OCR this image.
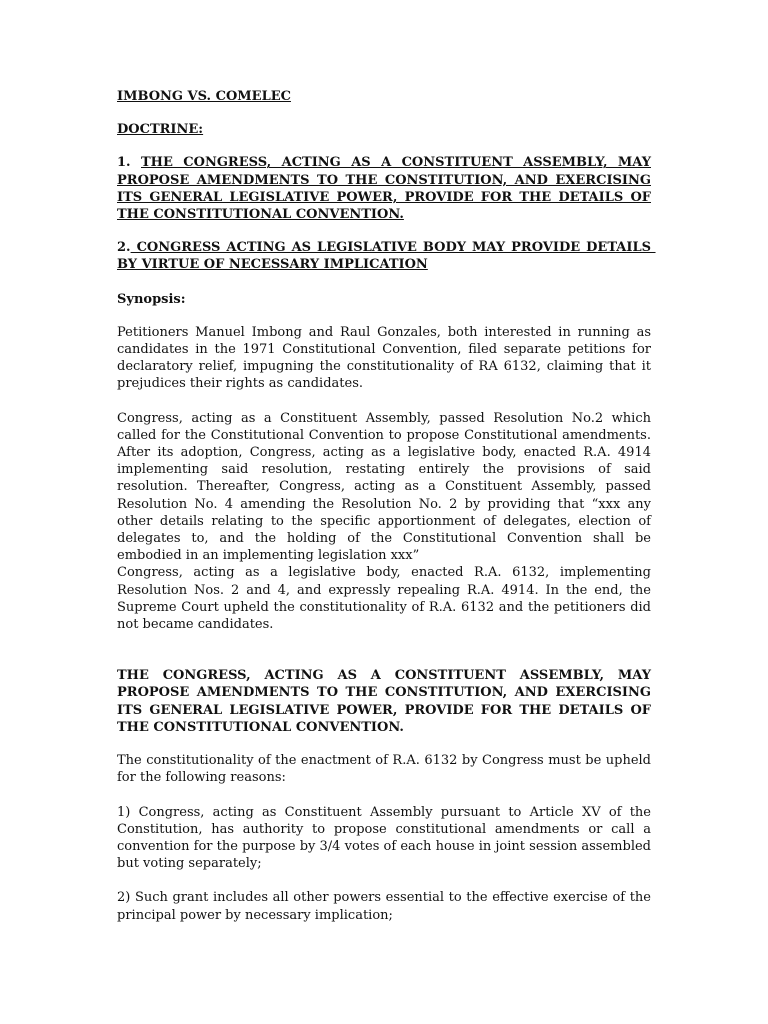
IMBONG VS. COMELEC

DOCTRINE:

1. THE CONGRESS, ACTING AS A CONSTITUENT ASSEMBLY, MAY PROPOSE AMENDMENTS TO THE CONSTITUTION, AND EXERCISING ITS GENERAL LEGISLATIVE POWER, PROVIDE FOR THE DETAILS OF THE CONSTITUTIONAL CONVENTION.

2. CONGRESS ACTING AS LEGISLATIVE BODY MAY PROVIDE DETAILS BY VIRTUE OF NECESSARY IMPLICATION

Synopsis:

Petitioners Manuel Imbong and Raul Gonzales, both interested in running as candidates in the 1971 Constitutional Convention, filed separate petitions for declaratory relief, impugning the constitutionality of RA 6132, claiming that it prejudices their rights as candidates.

Congress, acting as a Constituent Assembly, passed Resolution No.2 which called for the Constitutional Convention to propose Constitutional amendments. After its adoption, Congress, acting as a legislative body, enacted R.A. 4914 implementing said resolution, restating entirely the provisions of said resolution. Thereafter, Congress, acting as a Constituent Assembly, passed Resolution No. 4 amending the Resolution No. 2 by providing that “xxx any other details relating to the specific apportionment of delegates, election of delegates to, and the holding of the Constitutional Convention shall be embodied in an implementing legislation xxx”

Congress, acting as a legislative body, enacted R.A. 6132, implementing Resolution Nos. 2 and 4, and expressly repealing R.A. 4914. In the end, the Supreme Court upheld the constitutionality of R.A. 6132 and the petitioners did not became candidates.

THE CONGRESS, ACTING AS A CONSTITUENT ASSEMBLY, MAY PROPOSE AMENDMENTS TO THE CONSTITUTION, AND EXERCISING ITS GENERAL LEGISLATIVE POWER, PROVIDE FOR THE DETAILS OF THE CONSTITUTIONAL CONVENTION.

The constitutionality of the enactment of R.A. 6132 by Congress must be upheld for the following reasons:

1) Congress, acting as Constituent Assembly pursuant to Article XV of the Constitution, has authority to propose constitutional amendments or call a convention for the purpose by 3/4 votes of each house in joint session assembled but voting separately;

2) Such grant includes all other powers essential to the effective exercise of the principal power by necessary implication;
